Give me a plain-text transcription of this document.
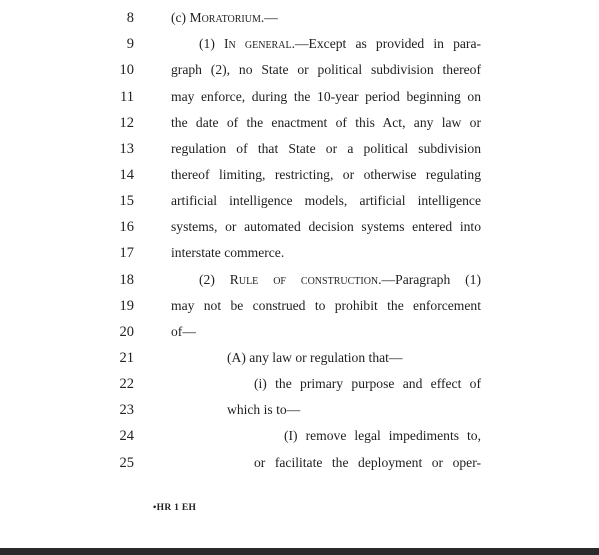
8	(c) Moratorium.—
9	(1) In general.—Except as provided in para-
10	graph (2), no State or political subdivision thereof
11	may enforce, during the 10-year period beginning on
12	the date of the enactment of this Act, any law or
13	regulation of that State or a political subdivision
14	thereof limiting, restricting, or otherwise regulating
15	artificial intelligence models, artificial intelligence
16	systems, or automated decision systems entered into
17	interstate commerce.
18	(2) Rule of construction.—Paragraph (1)
19	may not be construed to prohibit the enforcement
20	of—
21	(A) any law or regulation that—
22	(i) the primary purpose and effect of
23	which is to—
24	(I) remove legal impediments to,
25	or facilitate the deployment or oper-
•HR 1 EH
